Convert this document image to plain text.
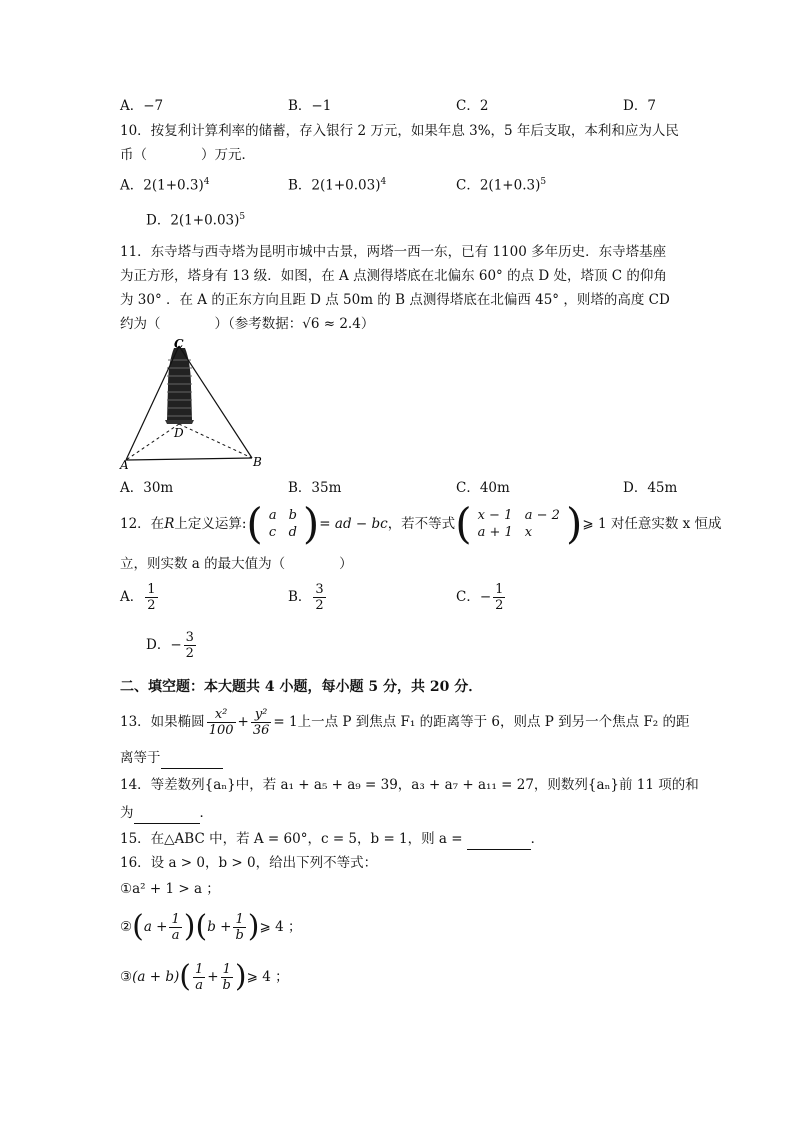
A．−7	B．−1	C．2	D．7
10．按复利计算利率的储蓄，存入银行 2 万元，如果年息 3%，5 年后支取，本利和应为人民
币（　　　　）万元．
A．$2(1+0.3)^4$	B．$2(1+0.03)^4$	C．$2(1+0.3)^5$
D．$2(1+0.03)^5$
11．东寺塔与西寺塔为昆明市城中古景，两塔一西一东，已有 1100 多年历史．东寺塔基座
为正方形，塔身有 13 级．如图，在 A 点测得塔底在北偏东 60° 的点 D 处，塔顶 C 的仰角
为 30° ．在 A 的正东方向且距 D 点 50m 的 B 点测得塔底在北偏西 45° ，则塔的高度 CD
约为（　　　　）（参考数据：√6 ≈ 2.4）
C
D
A	B
A．30m	B．35m	C．40m	D．45m
12．在 R 上定义运算: ( a	b
c	d ) = ad − bc ，若不等式 ( x − 1	a − 2
a + 1	x ) ⩾ 1 对任意实数 x 恒成
立，则实数 a 的最大值为（　　　　）
A． $\frac{1}{2}$	B． $\frac{3}{2}$	C．− $\frac{1}{2}$
D．− $\frac{3}{2}$
二、填空题：本大题共 4 小题，每小题 5 分，共 20 分．
13．如果椭圆 $\frac{\text{x²}}{100} + \frac{\text{y²}}{36} = 1$ 上一点 P 到焦点 F₁ 的距离等于 6，则点 P 到另一个焦点 F₂ 的距
离等于
14．等差数列{aₙ}中，若 a₁ + a₅ + a₉ = 39，a₃ + a₇ + a₁₁ = 27，则数列{aₙ}前 11 项的和
为	．
15．在△ABC 中，若 A = 60°，c = 5，b = 1，则 a =	．
16．设 a > 0，b > 0，给出下列不等式：
①a² + 1 > a ；
② ( $a + \frac{1}{a}$ ) ( $b + \frac{1}{b}$ ) ⩾ 4 ；
③ (a + b) ( $\frac{1}{a} + \frac{1}{b}$ ) ⩾ 4 ；
